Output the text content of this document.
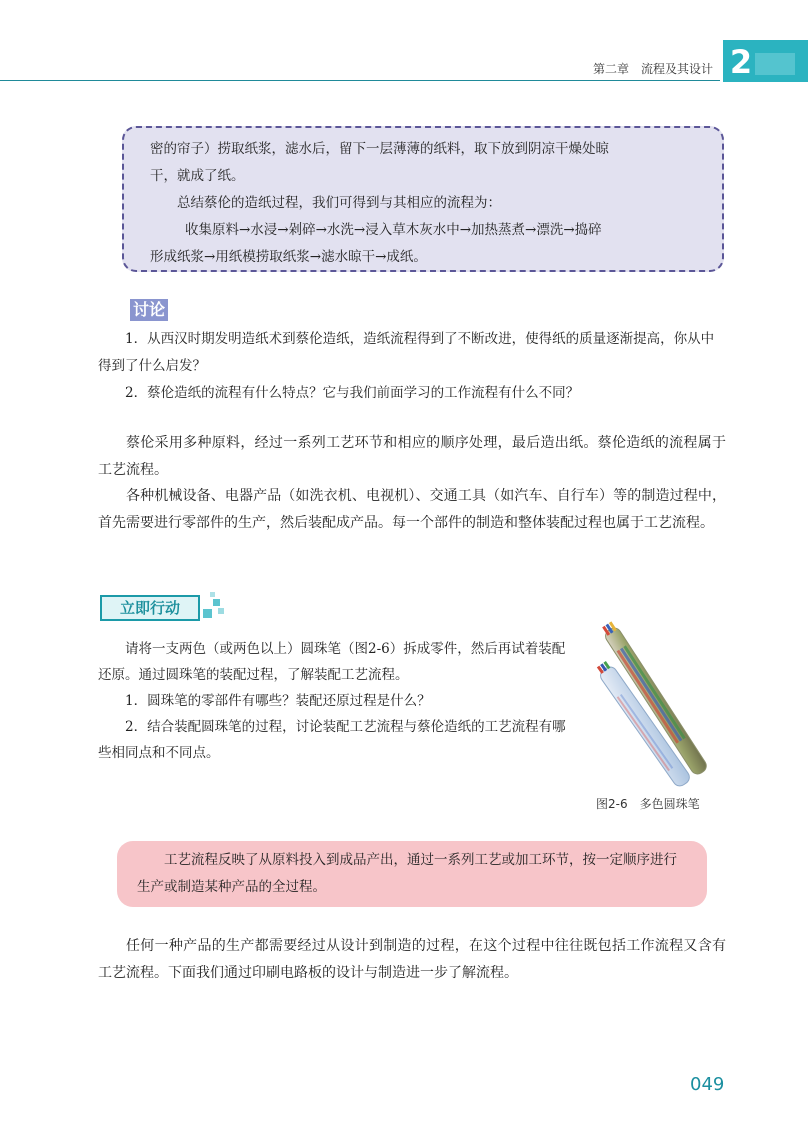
第二章　流程及其设计 2

密的帘子）捞取纸浆，滤水后，留下一层薄薄的纸料，取下放到阴凉干燥处晾

干，就成了纸。

总结蔡伦的造纸过程，我们可得到与其相应的流程为：

收集原料→水浸→剁碎→水洗→浸入草木灰水中→加热蒸煮→漂洗→捣碎

形成纸浆→用纸模捞取纸浆→滤水晾干→成纸。

讨论

1．从西汉时期发明造纸术到蔡伦造纸，造纸流程得到了不断改进，使得纸的质量逐渐提高，你从中得到了什么启发？

2．蔡伦造纸的流程有什么特点？它与我们前面学习的工作流程有什么不同？

蔡伦采用多种原料，经过一系列工艺环节和相应的顺序处理，最后造出纸。蔡伦造纸的流程属于工艺流程。

各种机械设备、电器产品（如洗衣机、电视机）、交通工具（如汽车、自行车）等的制造过程中，首先需要进行零部件的生产，然后装配成产品。每一个部件的制造和整体装配过程也属于工艺流程。

立即行动

请将一支两色（或两色以上）圆珠笔（图2-6）拆成零件，然后再试着装配还原。通过圆珠笔的装配过程，了解装配工艺流程。

1．圆珠笔的零部件有哪些？装配还原过程是什么？

2．结合装配圆珠笔的过程，讨论装配工艺流程与蔡伦造纸的工艺流程有哪些相同点和不同点。

图2-6　多色圆珠笔

工艺流程反映了从原料投入到成品产出，通过一系列工艺或加工环节，按一定顺序进行生产或制造某种产品的全过程。

任何一种产品的生产都需要经过从设计到制造的过程，在这个过程中往往既包括工作流程又含有工艺流程。下面我们通过印刷电路板的设计与制造进一步了解流程。

049
